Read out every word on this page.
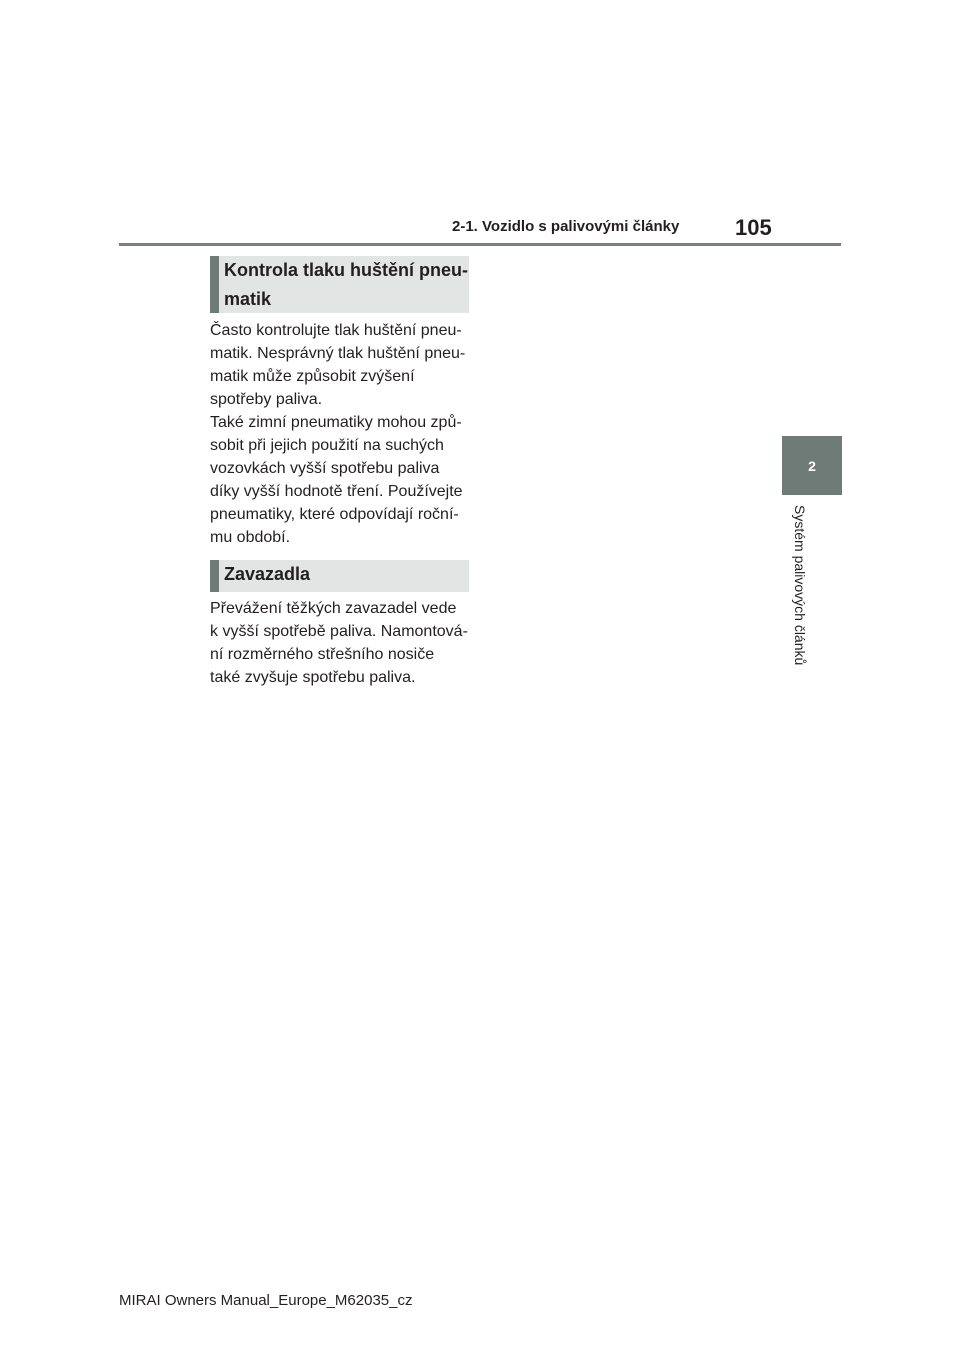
2-1. Vozidlo s palivovými články	105
2
Systém palivových článků
Kontrola tlaku huštění pneu-
matik
Často kontrolujte tlak huštění pneu-
matik. Nesprávný tlak huštění pneu-
matik může způsobit zvýšení
spotřeby paliva.
Také zimní pneumatiky mohou způ-
sobit při jejich použití na suchých
vozovkách vyšší spotřebu paliva
díky vyšší hodnotě tření. Používejte
pneumatiky, které odpovídají roční-
mu období.
Zavazadla
Převážení těžkých zavazadel vede
k vyšší spotřebě paliva. Namontová-
ní rozměrného střešního nosiče
také zvyšuje spotřebu paliva.
MIRAI Owners Manual_Europe_M62035_cz
